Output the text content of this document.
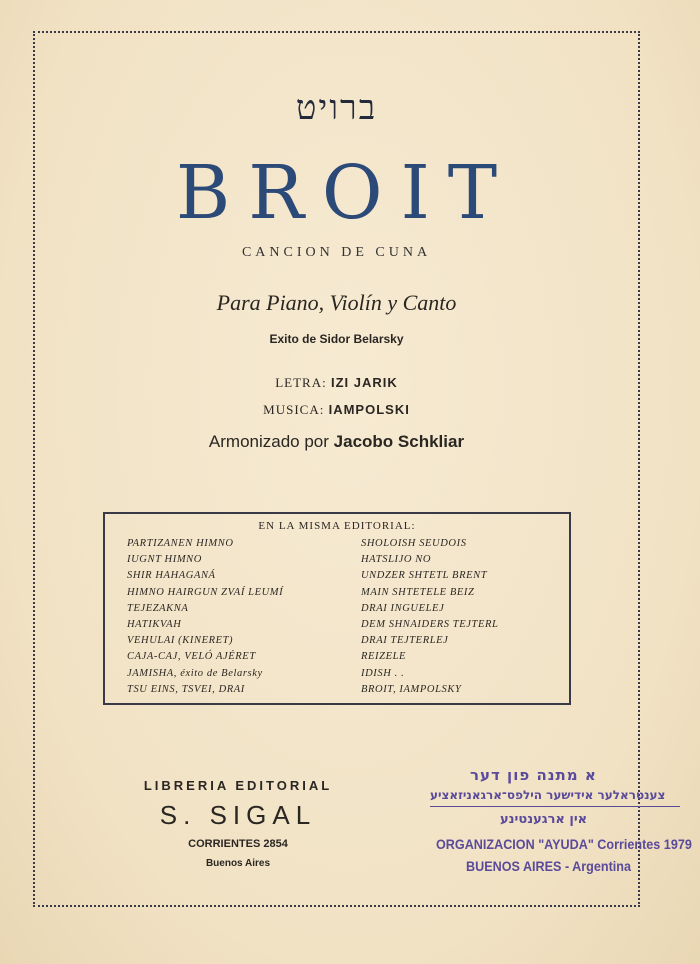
ברויט
BROIT
CANCION DE CUNA
Para Piano, Violín y Canto
Exito de Sidor Belarsky
LETRA: IZI JARIK
MUSICA: IAMPOLSKI
Armonizado por Jacobo Schkliar
EN LA MISMA EDITORIAL:
PARTIZANEN HIMNO
IUGNT HIMNO
SHIR HAHAGANÁ
HIMNO HAIRGUN ZVAÍ LEUMÍ
TEJEZAKNA
HATIKVAH
VEHULAI (KINERET)
CAJA-CAJ, VELÓ AJÉRET
JAMISHA, éxito de Belarsky
TSU EINS, TSVEI, DRAI
SHOLOISH SEUDOIS
HATSLIJO NO
UNDZER SHTETL BRENT
MAIN SHTETELE BEIZ
DRAI INGUELEJ
DEM SHNAIDERS TEJTERL
DRAI TEJTERLEJ
REIZELE
IDISH . .
BROIT, IAMPOLSKY
LIBRERIA EDITORIAL
S. SIGAL
CORRIENTES 2854
Buenos Aires
א מתנה פון דער
צענטראלער אידישער הילפס־ארגאניזאציע
אין ארגענטינע
ORGANIZACION "AYUDA" Corrientes 1979
BUENOS AIRES - Argentina
